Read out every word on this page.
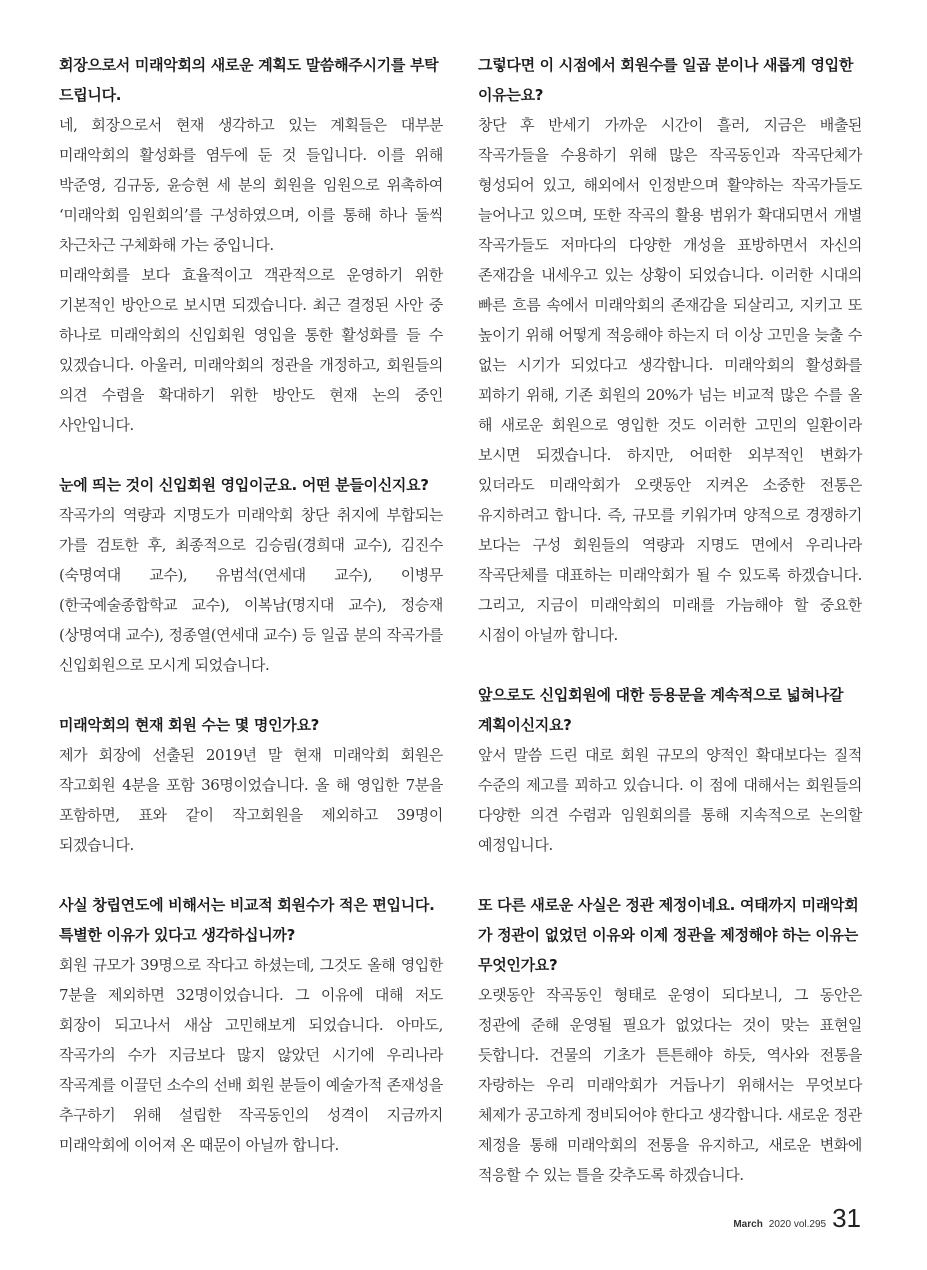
회장으로서 미래악회의 새로운 계획도 말씀해주시기를 부탁드립니다.

네, 회장으로서 현재 생각하고 있는 계획들은 대부분 미래악회의 활성화를 염두에 둔 것 들입니다. 이를 위해 박준영, 김규동, 윤승현 세 분의 회원을 임원으로 위촉하여 ‘미래악회 임원회의’를 구성하였으며, 이를 통해 하나 둘씩 차근차근 구체화해 가는 중입니다.

미래악회를 보다 효율적이고 객관적으로 운영하기 위한 기본적인 방안으로 보시면 되겠습니다. 최근 결정된 사안 중 하나로 미래악회의 신입회원 영입을 통한 활성화를 들 수 있겠습니다. 아울러, 미래악회의 정관을 개정하고, 회원들의 의견 수렴을 확대하기 위한 방안도 현재 논의 중인 사안입니다.

눈에 띄는 것이 신입회원 영입이군요. 어떤 분들이신지요?

작곡가의 역량과 지명도가 미래악회 창단 취지에 부합되는 가를 검토한 후, 최종적으로 김승림(경희대 교수), 김진수(숙명여대 교수), 유범석(연세대 교수), 이병무(한국예술종합학교 교수), 이복남(명지대 교수), 정승재(상명여대 교수), 정종열(연세대 교수) 등 일곱 분의 작곡가를 신입회원으로 모시게 되었습니다.

미래악회의 현재 회원 수는 몇 명인가요?

제가 회장에 선출된 2019년 말 현재 미래악회 회원은 작고회원 4분을 포함 36명이었습니다. 올 해 영입한 7분을 포함하면, 표와 같이 작고회원을 제외하고 39명이 되겠습니다.

사실 창립연도에 비해서는 비교적 회원수가 적은 편입니다. 특별한 이유가 있다고 생각하십니까?

회원 규모가 39명으로 작다고 하셨는데, 그것도 올해 영입한 7분을 제외하면 32명이었습니다. 그 이유에 대해 저도 회장이 되고나서 새삼 고민해보게 되었습니다. 아마도, 작곡가의 수가 지금보다 많지 않았던 시기에 우리나라 작곡계를 이끌던 소수의 선배 회원 분들이 예술가적 존재성을 추구하기 위해 설립한 작곡동인의 성격이 지금까지 미래악회에 이어져 온 때문이 아닐까 합니다.

그렇다면 이 시점에서 회원수를 일곱 분이나 새롭게 영입한 이유는요?

창단 후 반세기 가까운 시간이 흘러, 지금은 배출된 작곡가들을 수용하기 위해 많은 작곡동인과 작곡단체가 형성되어 있고, 해외에서 인정받으며 활약하는 작곡가들도 늘어나고 있으며, 또한 작곡의 활용 범위가 확대되면서 개별 작곡가들도 저마다의 다양한 개성을 표방하면서 자신의 존재감을 내세우고 있는 상황이 되었습니다. 이러한 시대의 빠른 흐름 속에서 미래악회의 존재감을 되살리고, 지키고 또 높이기 위해 어떻게 적응해야 하는지 더 이상 고민을 늦출 수 없는 시기가 되었다고 생각합니다. 미래악회의 활성화를 꾀하기 위해, 기존 회원의 20%가 넘는 비교적 많은 수를 올 해 새로운 회원으로 영입한 것도 이러한 고민의 일환이라 보시면 되겠습니다. 하지만, 어떠한 외부적인 변화가 있더라도 미래악회가 오랫동안 지켜온 소중한 전통은 유지하려고 합니다. 즉, 규모를 키워가며 양적으로 경쟁하기 보다는 구성 회원들의 역량과 지명도 면에서 우리나라 작곡단체를 대표하는 미래악회가 될 수 있도록 하겠습니다. 그리고, 지금이 미래악회의 미래를 가늠해야 할 중요한 시점이 아닐까 합니다.

앞으로도 신입회원에 대한 등용문을 계속적으로 넓혀나갈 계획이신지요?

앞서 말씀 드린 대로 회원 규모의 양적인 확대보다는 질적 수준의 제고를 꾀하고 있습니다. 이 점에 대해서는 회원들의 다양한 의견 수렴과 임원회의를 통해 지속적으로 논의할 예정입니다.

또 다른 새로운 사실은 정관 제정이네요. 여태까지 미래악회가 정관이 없었던 이유와 이제 정관을 제정해야 하는 이유는 무엇인가요?

오랫동안 작곡동인 형태로 운영이 되다보니, 그 동안은 정관에 준해 운영될 필요가 없었다는 것이 맞는 표현일 듯합니다. 건물의 기초가 튼튼해야 하듯, 역사와 전통을 자랑하는 우리 미래악회가 거듭나기 위해서는 무엇보다 체제가 공고하게 정비되어야 한다고 생각합니다. 새로운 정관 제정을 통해 미래악회의 전통을 유지하고, 새로운 변화에 적응할 수 있는 틀을 갖추도록 하겠습니다.

March 2020 vol.295 31
